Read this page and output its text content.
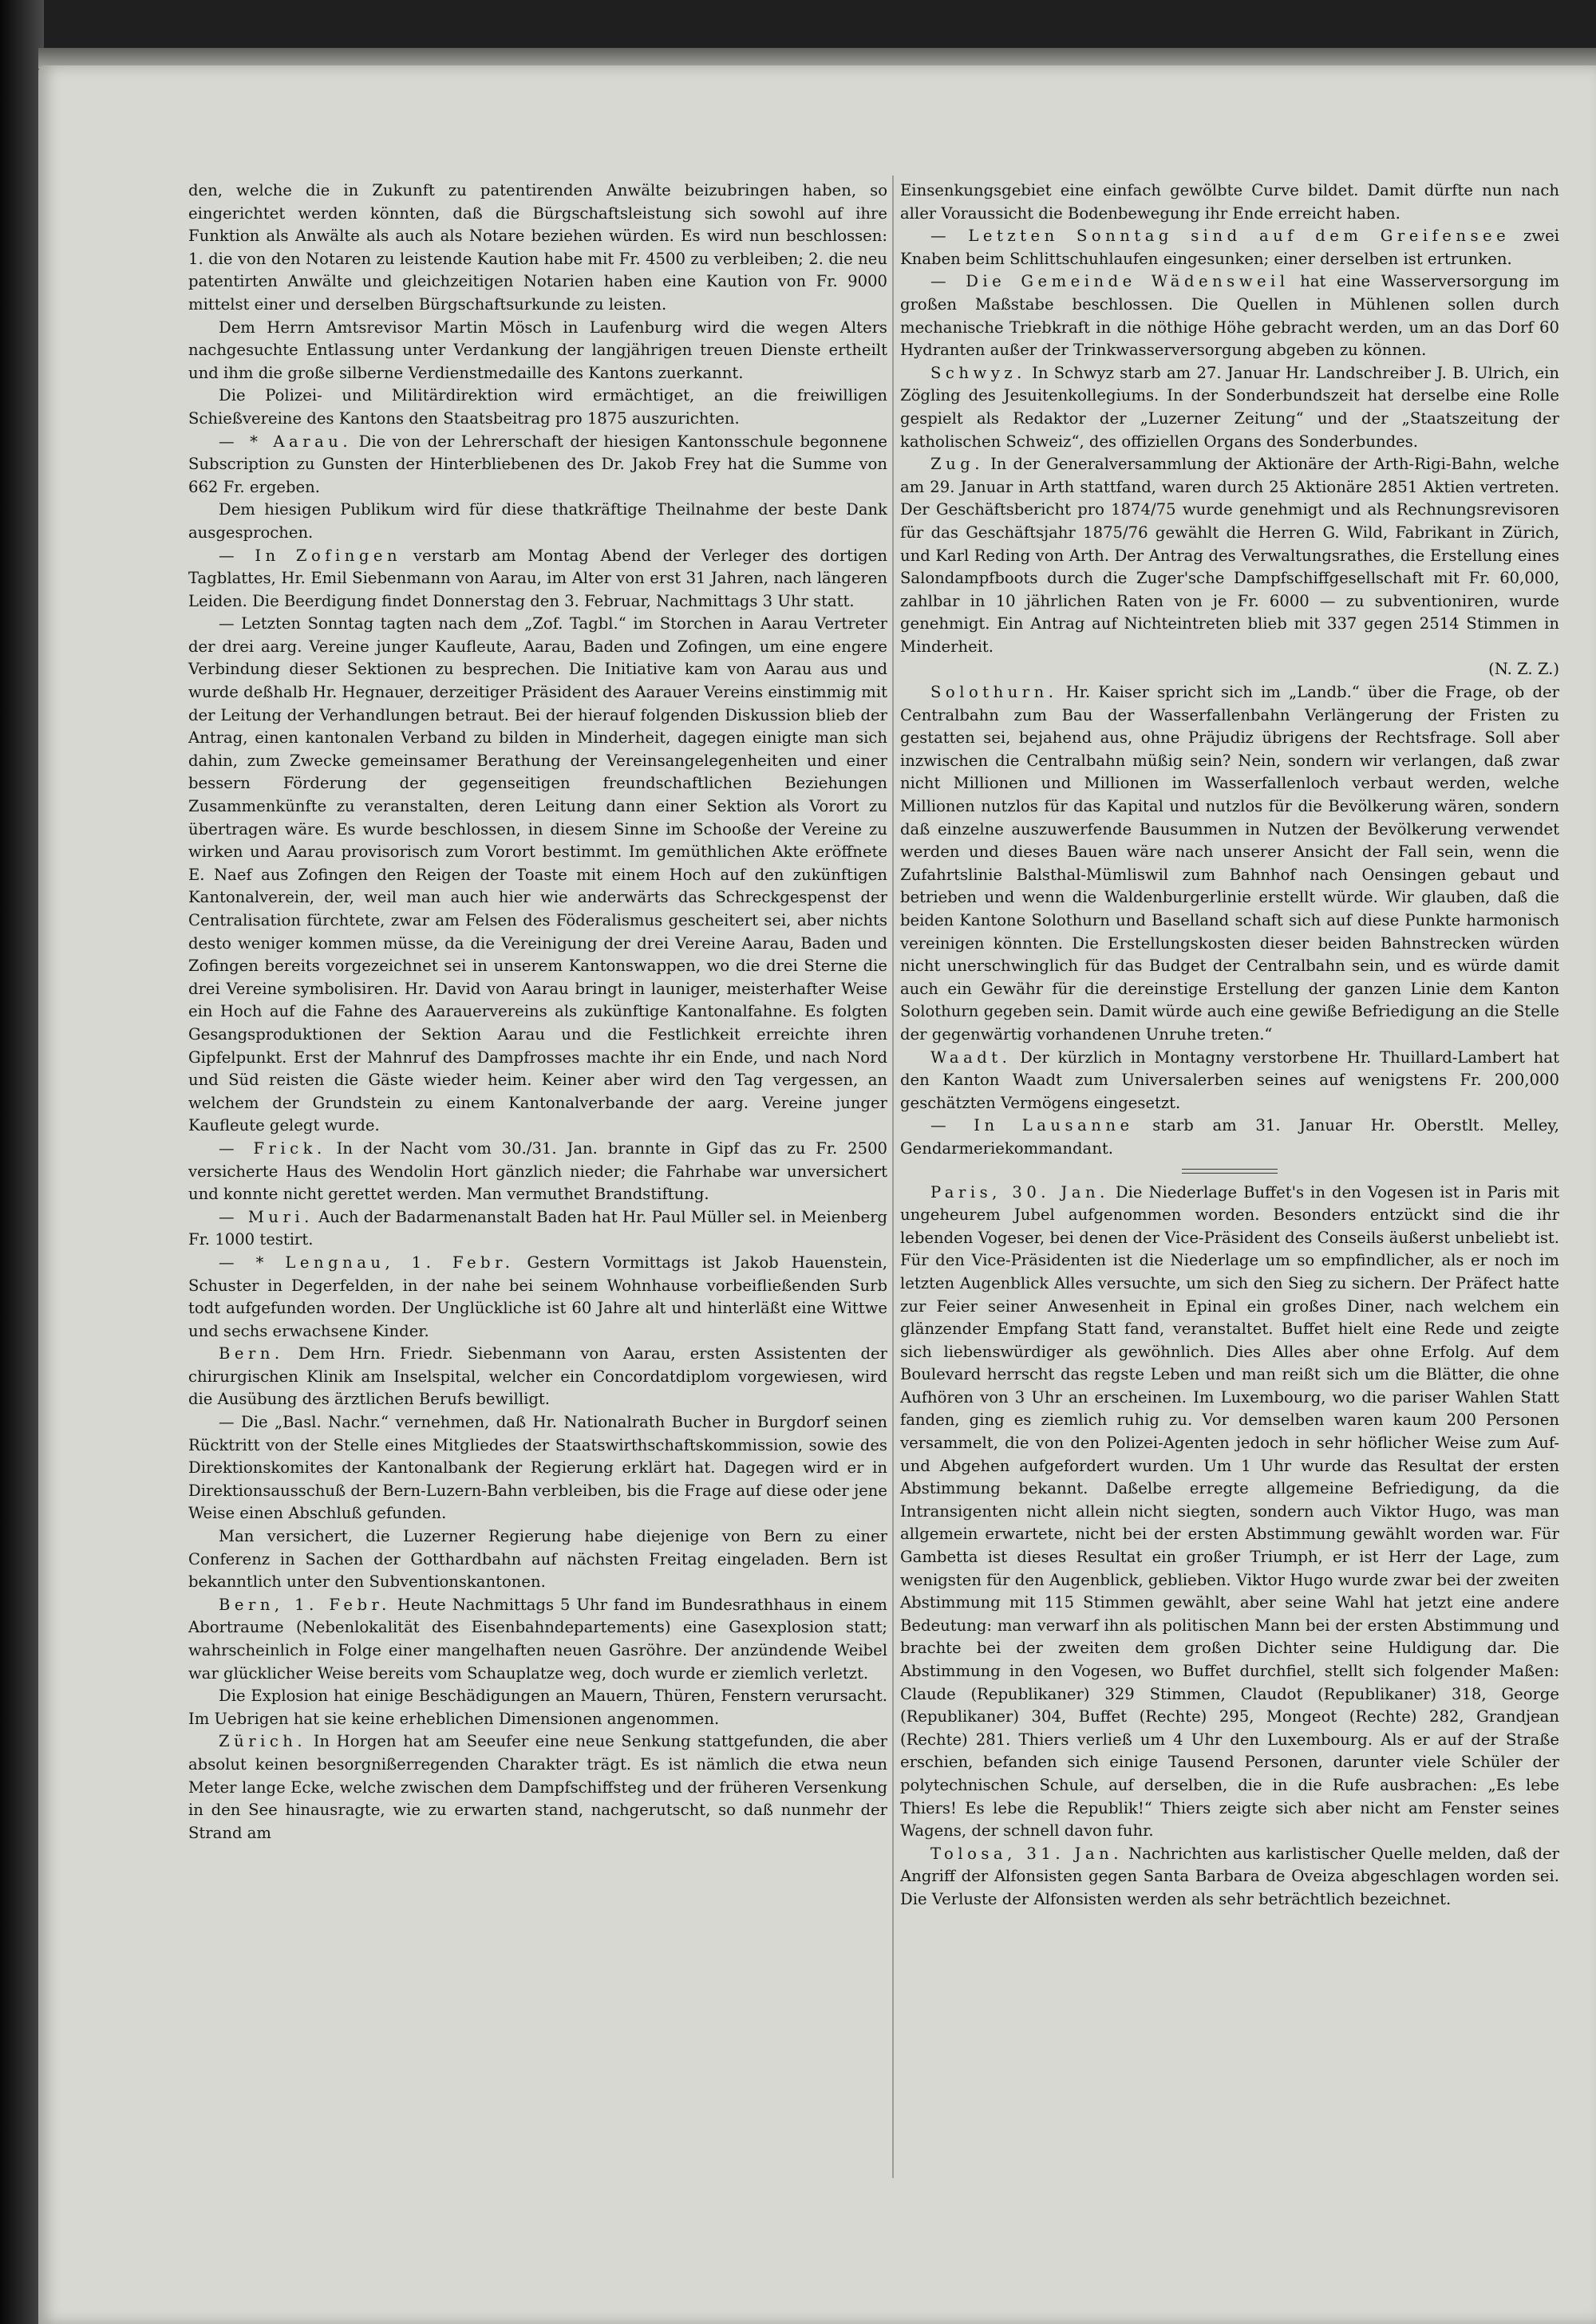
den, welche die in Zukunft zu patentirenden Anwälte beizubringen haben, so eingerichtet werden könnten, daß die Bürgschaftsleistung sich sowohl auf ihre Funktion als Anwälte als auch als Notare beziehen würden. Es wird nun beschlossen: 1. die von den Notaren zu leistende Kaution habe mit Fr. 4500 zu verbleiben; 2. die neu patentirten Anwälte und gleichzeitigen Notarien haben eine Kaution von Fr. 9000 mittelst einer und derselben Bürgschaftsurkunde zu leisten.

Dem Herrn Amtsrevisor Martin Mösch in Laufenburg wird die wegen Alters nachgesuchte Entlassung unter Verdankung der langjährigen treuen Dienste ertheilt und ihm die große silberne Verdienstmedaille des Kantons zuerkannt.

Die Polizei- und Militärdirektion wird ermächtiget, an die freiwilligen Schießvereine des Kantons den Staatsbeitrag pro 1875 auszurichten.

— * Aarau. Die von der Lehrerschaft der hiesigen Kantonsschule begonnene Subscription zu Gunsten der Hinterbliebenen des Dr. Jakob Frey hat die Summe von 662 Fr. ergeben.

Dem hiesigen Publikum wird für diese thatkräftige Theilnahme der beste Dank ausgesprochen.

— In Zofingen verstarb am Montag Abend der Verleger des dortigen Tagblattes, Hr. Emil Siebenmann von Aarau, im Alter von erst 31 Jahren, nach längeren Leiden. Die Beerdigung findet Donnerstag den 3. Februar, Nachmittags 3 Uhr statt.

— Letzten Sonntag tagten nach dem „Zof. Tagbl.“ im Storchen in Aarau Vertreter der drei aarg. Vereine junger Kaufleute, Aarau, Baden und Zofingen, um eine engere Verbindung dieser Sektionen zu besprechen. Die Initiative kam von Aarau aus und wurde deßhalb Hr. Hegnauer, derzeitiger Präsident des Aarauer Vereins einstimmig mit der Leitung der Verhandlungen betraut. Bei der hierauf folgenden Diskussion blieb der Antrag, einen kantonalen Verband zu bilden in Minderheit, dagegen einigte man sich dahin, zum Zwecke gemeinsamer Berathung der Vereinsangelegenheiten und einer bessern Förderung der gegenseitigen freundschaftlichen Beziehungen Zusammenkünfte zu veranstalten, deren Leitung dann einer Sektion als Vorort zu übertragen wäre. Es wurde beschlossen, in diesem Sinne im Schooße der Vereine zu wirken und Aarau provisorisch zum Vorort bestimmt. Im gemüthlichen Akte eröffnete E. Naef aus Zofingen den Reigen der Toaste mit einem Hoch auf den zukünftigen Kantonalverein, der, weil man auch hier wie anderwärts das Schreckgespenst der Centralisation fürchtete, zwar am Felsen des Föderalismus gescheitert sei, aber nichts desto weniger kommen müsse, da die Vereinigung der drei Vereine Aarau, Baden und Zofingen bereits vorgezeichnet sei in unserem Kantonswappen, wo die drei Sterne die drei Vereine symbolisiren. Hr. David von Aarau bringt in launiger, meisterhafter Weise ein Hoch auf die Fahne des Aarauervereins als zukünftige Kantonalfahne. Es folgten Gesangsproduktionen der Sektion Aarau und die Festlichkeit erreichte ihren Gipfelpunkt. Erst der Mahnruf des Dampfrosses machte ihr ein Ende, und nach Nord und Süd reisten die Gäste wieder heim. Keiner aber wird den Tag vergessen, an welchem der Grundstein zu einem Kantonalverbande der aarg. Vereine junger Kaufleute gelegt wurde.

— Frick. In der Nacht vom 30./31. Jan. brannte in Gipf das zu Fr. 2500 versicherte Haus des Wendolin Hort gänzlich nieder; die Fahrhabe war unversichert und konnte nicht gerettet werden. Man vermuthet Brandstiftung.

— Muri. Auch der Badarmenanstalt Baden hat Hr. Paul Müller sel. in Meienberg Fr. 1000 testirt.

— * Lengnau, 1. Febr. Gestern Vormittags ist Jakob Hauenstein, Schuster in Degerfelden, in der nahe bei seinem Wohnhause vorbeifließenden Surb todt aufgefunden worden. Der Unglückliche ist 60 Jahre alt und hinterläßt eine Wittwe und sechs erwachsene Kinder.

Bern. Dem Hrn. Friedr. Siebenmann von Aarau, ersten Assistenten der chirurgischen Klinik am Inselspital, welcher ein Concordatdiplom vorgewiesen, wird die Ausübung des ärztlichen Berufs bewilligt.

— Die „Basl. Nachr.“ vernehmen, daß Hr. Nationalrath Bucher in Burgdorf seinen Rücktritt von der Stelle eines Mitgliedes der Staatswirthschaftskommission, sowie des Direktionskomites der Kantonalbank der Regierung erklärt hat. Dagegen wird er in Direktionsausschuß der Bern-Luzern-Bahn verbleiben, bis die Frage auf diese oder jene Weise einen Abschluß gefunden.

Man versichert, die Luzerner Regierung habe diejenige von Bern zu einer Conferenz in Sachen der Gotthardbahn auf nächsten Freitag eingeladen. Bern ist bekanntlich unter den Subventionskantonen.

Bern, 1. Febr. Heute Nachmittags 5 Uhr fand im Bundesrathhaus in einem Abortraume (Nebenlokalität des Eisenbahndepartements) eine Gasexplosion statt; wahrscheinlich in Folge einer mangelhaften neuen Gasröhre. Der anzündende Weibel war glücklicher Weise bereits vom Schauplatze weg, doch wurde er ziemlich verletzt.

Die Explosion hat einige Beschädigungen an Mauern, Thüren, Fenstern verursacht. Im Uebrigen hat sie keine erheblichen Dimensionen angenommen.

Zürich. In Horgen hat am Seeufer eine neue Senkung stattgefunden, die aber absolut keinen besorgnißerregenden Charakter trägt. Es ist nämlich die etwa neun Meter lange Ecke, welche zwischen dem Dampfschiffsteg und der früheren Versenkung in den See hinausragte, wie zu erwarten stand, nachgerutscht, so daß nunmehr der Strand am

Einsenkungsgebiet eine einfach gewölbte Curve bildet. Damit dürfte nun nach aller Voraussicht die Bodenbewegung ihr Ende erreicht haben.

— Letzten Sonntag sind auf dem Greifensee zwei Knaben beim Schlittschuhlaufen eingesunken; einer derselben ist ertrunken.

— Die Gemeinde Wädensweil hat eine Wasserversorgung im großen Maßstabe beschlossen. Die Quellen in Mühlenen sollen durch mechanische Triebkraft in die nöthige Höhe gebracht werden, um an das Dorf 60 Hydranten außer der Trinkwasserversorgung abgeben zu können.

Schwyz. In Schwyz starb am 27. Januar Hr. Landschreiber J. B. Ulrich, ein Zögling des Jesuitenkollegiums. In der Sonderbundszeit hat derselbe eine Rolle gespielt als Redaktor der „Luzerner Zeitung“ und der „Staatszeitung der katholischen Schweiz“, des offiziellen Organs des Sonderbundes.

Zug. In der Generalversammlung der Aktionäre der Arth-Rigi-Bahn, welche am 29. Januar in Arth stattfand, waren durch 25 Aktionäre 2851 Aktien vertreten. Der Geschäftsbericht pro 1874/75 wurde genehmigt und als Rechnungsrevisoren für das Geschäftsjahr 1875/76 gewählt die Herren G. Wild, Fabrikant in Zürich, und Karl Reding von Arth. Der Antrag des Verwaltungsrathes, die Erstellung eines Salondampfboots durch die Zuger'sche Dampfschiffgesellschaft mit Fr. 60,000, zahlbar in 10 jährlichen Raten von je Fr. 6000 — zu subventioniren, wurde genehmigt. Ein Antrag auf Nichteintreten blieb mit 337 gegen 2514 Stimmen in Minderheit.

(N. Z. Z.)

Solothurn. Hr. Kaiser spricht sich im „Landb.“ über die Frage, ob der Centralbahn zum Bau der Wasserfallenbahn Verlängerung der Fristen zu gestatten sei, bejahend aus, ohne Präjudiz übrigens der Rechtsfrage. Soll aber inzwischen die Centralbahn müßig sein? Nein, sondern wir verlangen, daß zwar nicht Millionen und Millionen im Wasserfallenloch verbaut werden, welche Millionen nutzlos für das Kapital und nutzlos für die Bevölkerung wären, sondern daß einzelne auszuwerfende Bausummen in Nutzen der Bevölkerung verwendet werden und dieses Bauen wäre nach unserer Ansicht der Fall sein, wenn die Zufahrtslinie Balsthal-Mümliswil zum Bahnhof nach Oensingen gebaut und betrieben und wenn die Waldenburgerlinie erstellt würde. Wir glauben, daß die beiden Kantone Solothurn und Baselland schaft sich auf diese Punkte harmonisch vereinigen könnten. Die Erstellungskosten dieser beiden Bahnstrecken würden nicht unerschwinglich für das Budget der Centralbahn sein, und es würde damit auch ein Gewähr für die dereinstige Erstellung der ganzen Linie dem Kanton Solothurn gegeben sein. Damit würde auch eine gewiße Befriedigung an die Stelle der gegenwärtig vorhandenen Unruhe treten.“

Waadt. Der kürzlich in Montagny verstorbene Hr. Thuillard-Lambert hat den Kanton Waadt zum Universalerben seines auf wenigstens Fr. 200,000 geschätzten Vermögens eingesetzt.

— In Lausanne starb am 31. Januar Hr. Oberstlt. Melley, Gendarmeriekommandant.

Paris, 30. Jan. Die Niederlage Buffet's in den Vogesen ist in Paris mit ungeheurem Jubel aufgenommen worden. Besonders entzückt sind die ihr lebenden Vogeser, bei denen der Vice-Präsident des Conseils äußerst unbeliebt ist. Für den Vice-Präsidenten ist die Niederlage um so empfindlicher, als er noch im letzten Augenblick Alles versuchte, um sich den Sieg zu sichern. Der Präfect hatte zur Feier seiner Anwesenheit in Epinal ein großes Diner, nach welchem ein glänzender Empfang Statt fand, veranstaltet. Buffet hielt eine Rede und zeigte sich liebenswürdiger als gewöhnlich. Dies Alles aber ohne Erfolg. Auf dem Boulevard herrscht das regste Leben und man reißt sich um die Blätter, die ohne Aufhören von 3 Uhr an erscheinen. Im Luxembourg, wo die pariser Wahlen Statt fanden, ging es ziemlich ruhig zu. Vor demselben waren kaum 200 Personen versammelt, die von den Polizei-Agenten jedoch in sehr höflicher Weise zum Auf- und Abgehen aufgefordert wurden. Um 1 Uhr wurde das Resultat der ersten Abstimmung bekannt. Daßelbe erregte allgemeine Befriedigung, da die Intransigenten nicht allein nicht siegten, sondern auch Viktor Hugo, was man allgemein erwartete, nicht bei der ersten Abstimmung gewählt worden war. Für Gambetta ist dieses Resultat ein großer Triumph, er ist Herr der Lage, zum wenigsten für den Augenblick, geblieben. Viktor Hugo wurde zwar bei der zweiten Abstimmung mit 115 Stimmen gewählt, aber seine Wahl hat jetzt eine andere Bedeutung: man verwarf ihn als politischen Mann bei der ersten Abstimmung und brachte bei der zweiten dem großen Dichter seine Huldigung dar. Die Abstimmung in den Vogesen, wo Buffet durchfiel, stellt sich folgender Maßen: Claude (Republikaner) 329 Stimmen, Claudot (Republikaner) 318, George (Republikaner) 304, Buffet (Rechte) 295, Mongeot (Rechte) 282, Grandjean (Rechte) 281. Thiers verließ um 4 Uhr den Luxembourg. Als er auf der Straße erschien, befanden sich einige Tausend Personen, darunter viele Schüler der polytechnischen Schule, auf derselben, die in die Rufe ausbrachen: „Es lebe Thiers! Es lebe die Republik!“ Thiers zeigte sich aber nicht am Fenster seines Wagens, der schnell davon fuhr.

Tolosa, 31. Jan. Nachrichten aus karlistischer Quelle melden, daß der Angriff der Alfonsisten gegen Santa Barbara de Oveiza abgeschlagen worden sei. Die Verluste der Alfonsisten werden als sehr beträchtlich bezeichnet.
